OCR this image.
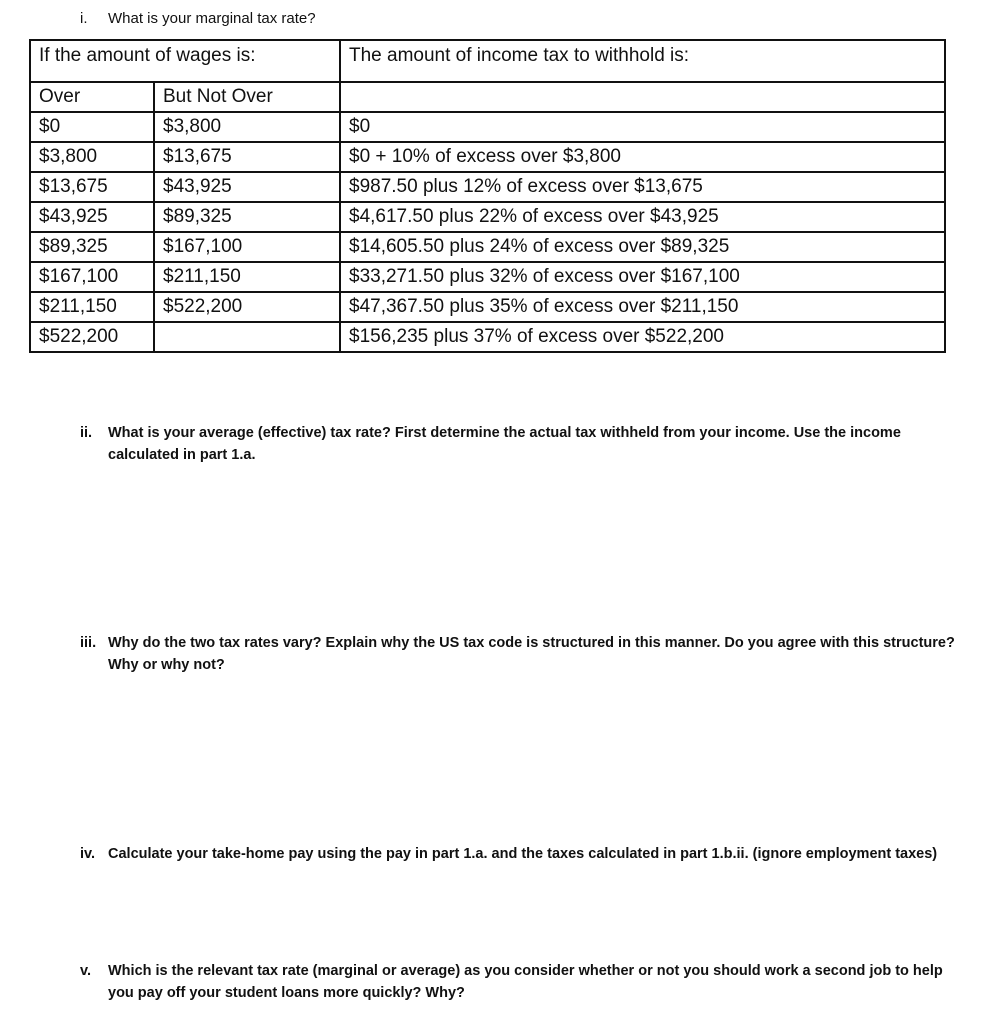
i. What is your marginal tax rate?
If the amount of wages is:		The amount of income tax to withhold is:
Over	But Not Over	
$0	$3,800	$0
$3,800	$13,675	$0 + 10% of excess over $3,800
$13,675	$43,925	$987.50 plus 12% of excess over $13,675
$43,925	$89,325	$4,617.50 plus 22% of excess over $43,925
$89,325	$167,100	$14,605.50 plus 24% of excess over $89,325
$167,100	$211,150	$33,271.50 plus 32% of excess over $167,100
$211,150	$522,200	$47,367.50 plus 35% of excess over $211,150
$522,200		$156,235 plus 37% of excess over $522,200
ii. What is your average (effective) tax rate? First determine the actual tax withheld from your income. Use the income calculated in part 1.a.
iii. Why do the two tax rates vary? Explain why the US tax code is structured in this manner. Do you agree with this structure? Why or why not?
iv. Calculate your take-home pay using the pay in part 1.a. and the taxes calculated in part 1.b.ii. (ignore employment taxes)
v. Which is the relevant tax rate (marginal or average) as you consider whether or not you should work a second job to help you pay off your student loans more quickly? Why?
